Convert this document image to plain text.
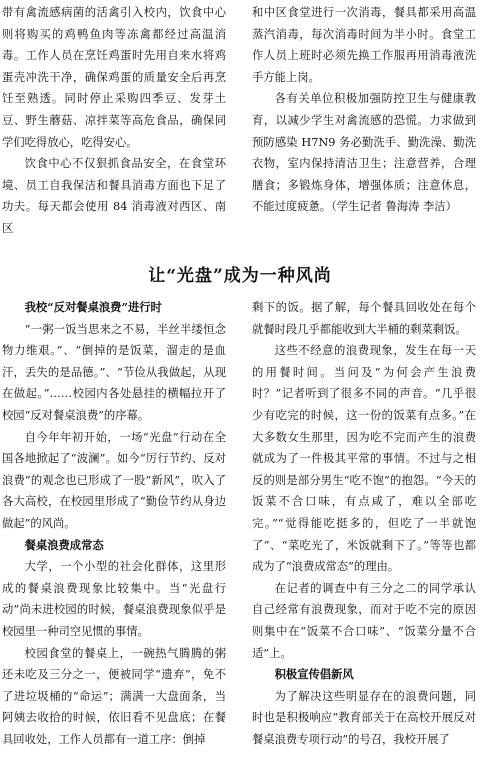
带有禽流感病菌的活禽引入校内，饮食中心则将购买的鸡鸭鱼肉等冻禽都经过高温消毒。工作人员在烹饪鸡蛋时先用自来水将鸡蛋壳冲洗干净，确保鸡蛋的质量安全后再烹饪至熟透。同时停止采购四季豆、发芽土豆、野生蘑菇、凉拌菜等高危食品，确保同学们吃得放心，吃得安心。

饮食中心不仅狠抓食品安全，在食堂环境、员工自我保洁和餐具消毒方面也下足了功夫。每天都会使用 84 消毒液对西区、南区

和中区食堂进行一次消毒，餐具都采用高温蒸汽消毒，每次消毒时间为半小时。食堂工作人员上班时必须先换工作服再用消毒液洗手方能上岗。

各有关单位积极加强防控卫生与健康教育，以减少学生对禽流感的恐慌。力求做到预防感染 H7N9 务必勤洗手、勤洗澡、勤洗衣物，室内保持清洁卫生；注意营养，合理膳食；多锻炼身体，增强体质；注意休息，不能过度疲惫。（学生记者 鲁海涛 李洁）

让“光盘”成为一种风尚

我校“反对餐桌浪费”进行时

“一粥一饭当思来之不易，半丝半缕恒念物力维艰。”、“倒掉的是饭菜，溜走的是血汗，丢失的是品德。”、“节俭从我做起，从现在做起。”……校园内各处悬挂的横幅拉开了校园“反对餐桌浪费”的序幕。

自今年年初开始，一场“光盘”行动在全国各地掀起了“波澜”。如今“厉行节约、反对浪费”的观念也已形成了一股“新风”，吹入了各大高校，在校园里形成了“勤俭节约从身边做起”的风尚。

餐桌浪费成常态

大学，一个小型的社会化群体，这里形成的餐桌浪费现象比较集中。当“光盘行动”尚未进校园的时候，餐桌浪费现象似乎是校园里一种司空见惯的事情。

校园食堂的餐桌上，一碗热气腾腾的粥还未吃及三分之一，便被同学“遗弃”，免不了进垃圾桶的“命运”；满满一大盘面条，当阿姨去收拾的时候，依旧看不见盘底；在餐具回收处，工作人员都有一道工序：倒掉

剩下的饭。据了解，每个餐具回收处在每个就餐时段几乎都能收到大半桶的剩菜剩饭。

这些不经意的浪费现象，发生在每一天的用餐时间。当问及“为何会产生浪费时？”记者听到了很多不同的声音。“几乎很少有吃完的时候，这一份的饭菜有点多。”在大多数女生那里，因为吃不完而产生的浪费就成为了一件极其平常的事情。不过与之相反的则是部分男生“吃不饱”的抱怨。“今天的饭菜不合口味，有点咸了，难以全部吃完。”“觉得能吃挺多的，但吃了一半就饱了”、“菜吃光了，米饭就剩下了。”等等也都成为了“浪费成常态”的理由。

在记者的调查中有三分之二的同学承认自己经常有浪费现象，而对于吃不完的原因则集中在“饭菜不合口味”、“饭菜分量不合适”上。

积极宣传倡新风

为了解决这些明显存在的浪费问题，同时也是积极响应“教育部关于在高校开展反对餐桌浪费专项行动”的号召，我校开展了
